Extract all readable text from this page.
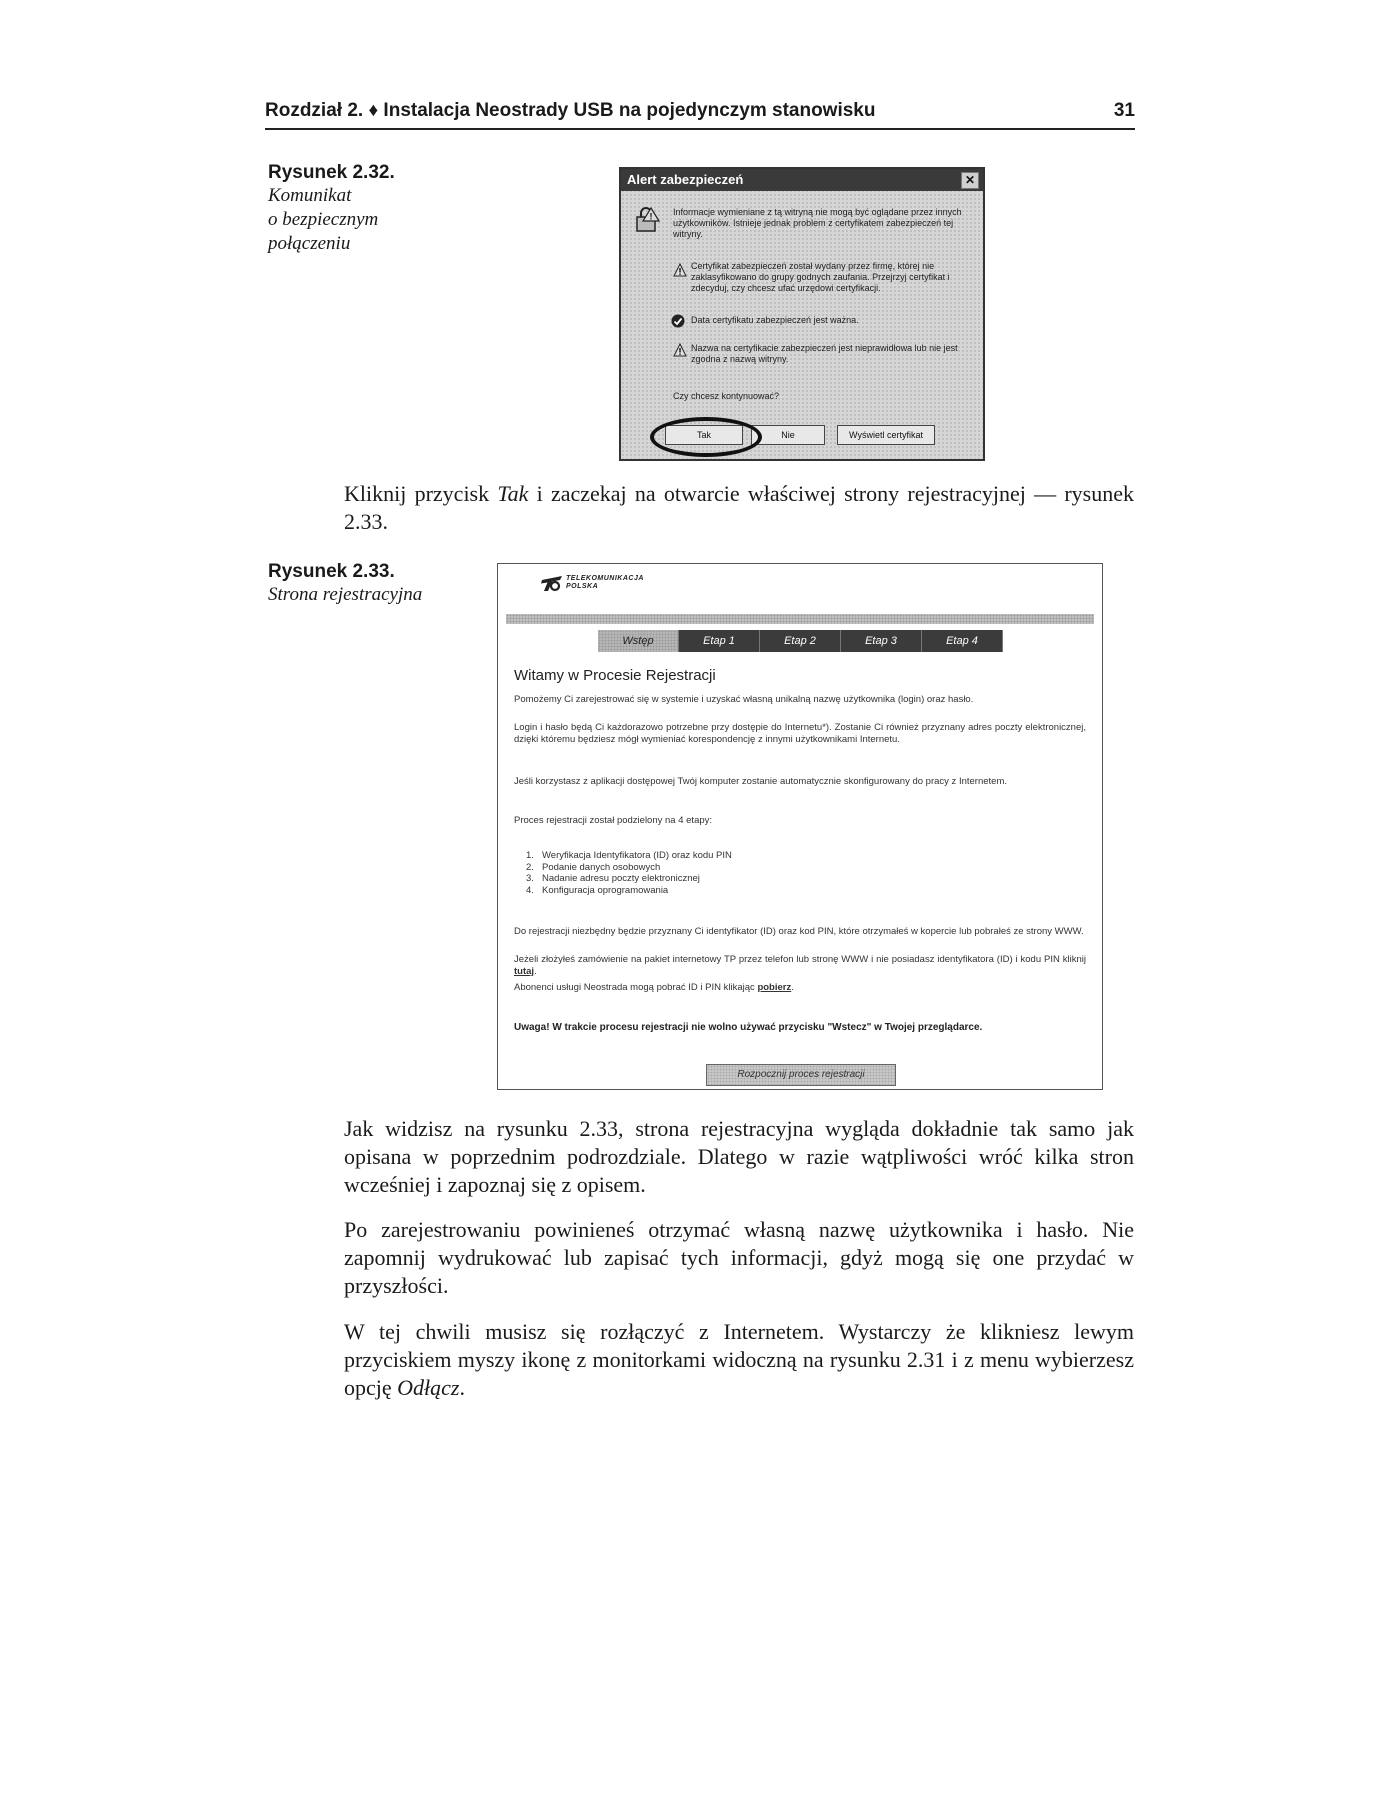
Rozdział 2. ♦ Instalacja Neostrady USB na pojedynczym stanowisku	31
Rysunek 2.32.
Komunikat
o bezpiecznym
połączeniu
Alert zabezpieczeń	✕
! Informacje wymieniane z tą witryną nie mogą być oglądane przez innych użytkowników. Istnieje jednak problem z certyfikatem zabezpieczeń tej witryny.
Certyfikat zabezpieczeń został wydany przez firmę, której nie zaklasyfikowano do grupy godnych zaufania. Przejrzyj certyfikat i zdecyduj, czy chcesz ufać urzędowi certyfikacji.
Data certyfikatu zabezpieczeń jest ważna.
Nazwa na certyfikacie zabezpieczeń jest nieprawidłowa lub nie jest zgodna z nazwą witryny.
Czy chcesz kontynuować?
Tak	Nie	Wyświetl certyfikat
Kliknij przycisk Tak i zaczekaj na otwarcie właściwej strony rejestracyjnej — rysunek 2.33.
Rysunek 2.33.
Strona rejestracyjna
TELEKOMUNIKACJA
POLSKA
Wstęp	Etap 1	Etap 2	Etap 3	Etap 4
Witamy w Procesie Rejestracji
Pomożemy Ci zarejestrować się w systemie i uzyskać własną unikalną nazwę użytkownika (login) oraz hasło.
Login i hasło będą Ci każdorazowo potrzebne przy dostępie do Internetu*). Zostanie Ci również przyznany adres poczty elektronicznej, dzięki któremu będziesz mógł wymieniać korespondencję z innymi użytkownikami Internetu.
Jeśli korzystasz z aplikacji dostępowej Twój komputer zostanie automatycznie skonfigurowany do pracy z Internetem.
Proces rejestracji został podzielony na 4 etapy:
1. Weryfikacja Identyfikatora (ID) oraz kodu PIN
2. Podanie danych osobowych
3. Nadanie adresu poczty elektronicznej
4. Konfiguracja oprogramowania
Do rejestracji niezbędny będzie przyznany Ci identyfikator (ID) oraz kod PIN, które otrzymałeś w kopercie lub pobrałeś ze strony WWW.
Jeżeli złożyłeś zamówienie na pakiet internetowy TP przez telefon lub stronę WWW i nie posiadasz identyfikatora (ID) i kodu PIN kliknij tutaj.
Abonenci usługi Neostrada mogą pobrać ID i PIN klikając pobierz.
Uwaga! W trakcie procesu rejestracji nie wolno używać przycisku "Wstecz" w Twojej przeglądarce.
Rozpocznij proces rejestracji
Jak widzisz na rysunku 2.33, strona rejestracyjna wygląda dokładnie tak samo jak opisana w poprzednim podrozdziale. Dlatego w razie wątpliwości wróć kilka stron wcześniej i zapoznaj się z opisem.
Po zarejestrowaniu powinieneś otrzymać własną nazwę użytkownika i hasło. Nie zapomnij wydrukować lub zapisać tych informacji, gdyż mogą się one przydać w przyszłości.
W tej chwili musisz się rozłączyć z Internetem. Wystarczy że klikniesz lewym przyciskiem myszy ikonę z monitorkami widoczną na rysunku 2.31 i z menu wybierzesz opcję Odłącz.
